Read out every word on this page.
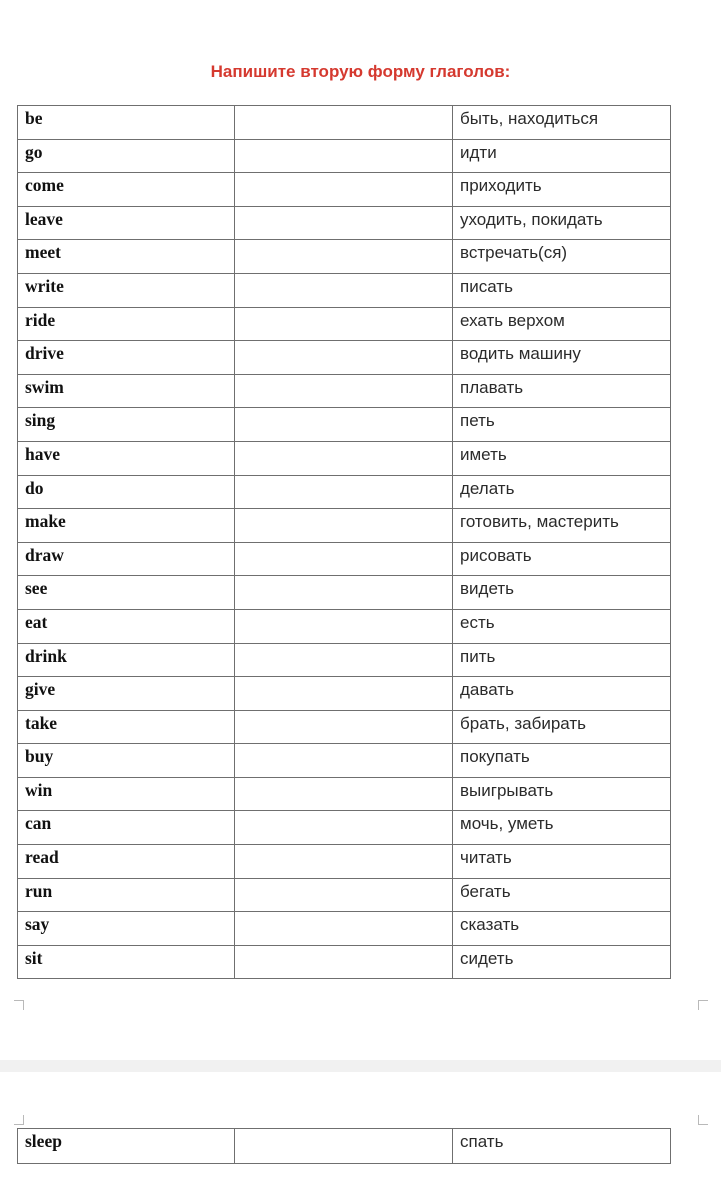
Напишите вторую форму глаголов:
be		быть, находиться
go		идти
come		приходить
leave		уходить, покидать
meet		встречать(ся)
write		писать
ride		ехать верхом
drive		водить машину
swim		плавать
sing		петь
have		иметь
do		делать
make		готовить, мастерить
draw		рисовать
see		видеть
eat		есть
drink		пить
give		давать
take		брать, забирать
buy		покупать
win		выигрывать
can		мочь, уметь
read		читать
run		бегать
say		сказать
sit		сидеть
sleep		спать
